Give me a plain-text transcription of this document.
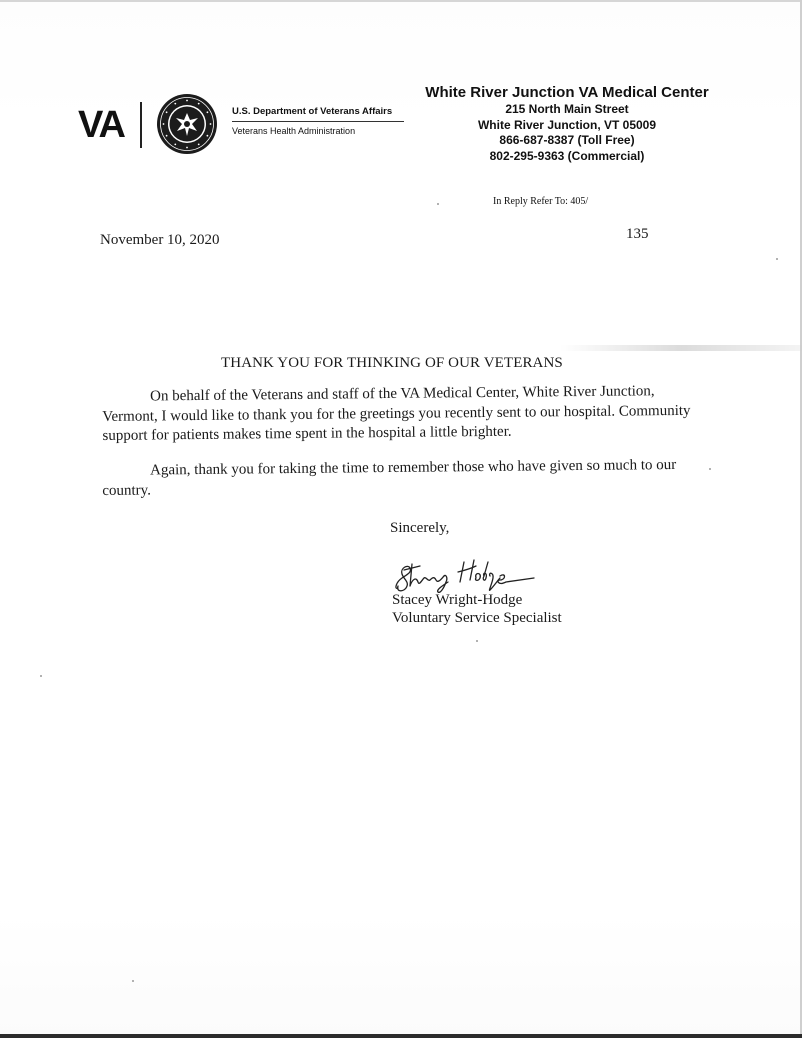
VA	U.S. Department of Veterans Affairs
Veterans Health Administration
White River Junction VA Medical Center
215 North Main Street
White River Junction, VT 05009
866-687-8387 (Toll Free)
802-295-9363 (Commercial)
In Reply Refer To: 405/
November 10, 2020	135
THANK YOU FOR THINKING OF OUR VETERANS
On behalf of the Veterans and staff of the VA Medical Center, White River Junction, Vermont, I would like to thank you for the greetings you recently sent to our hospital. Community support for patients makes time spent in the hospital a little brighter.
Again, thank you for taking the time to remember those who have given so much to our country.
Sincerely,
Stacey Wright-Hodge
Voluntary Service Specialist
